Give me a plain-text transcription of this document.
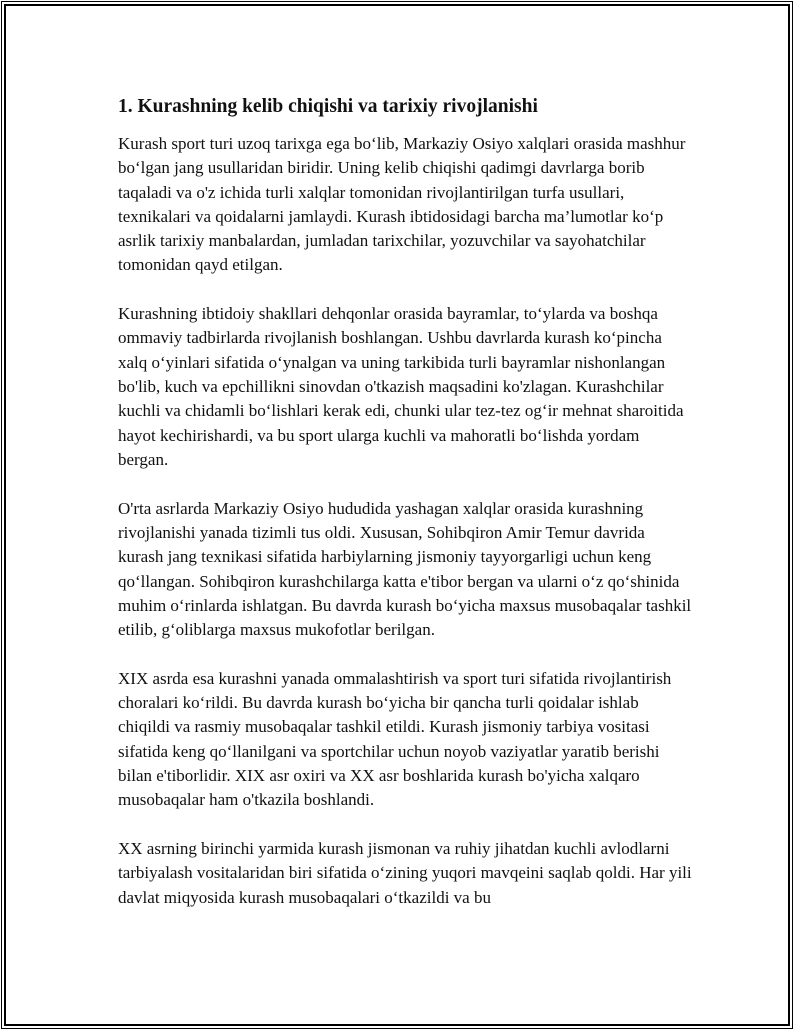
1. Kurashning kelib chiqishi va tarixiy rivojlanishi

Kurash sport turi uzoq tarixga ega bo‘lib, Markaziy Osiyo xalqlari orasida mashhur bo‘lgan jang usullaridan biridir. Uning kelib chiqishi qadimgi davrlarga borib taqaladi va o'z ichida turli xalqlar tomonidan rivojlantirilgan turfa usullari, texnikalari va qoidalarni jamlaydi. Kurash ibtidosidagi barcha ma’lumotlar ko‘p asrlik tarixiy manbalardan, jumladan tarixchilar, yozuvchilar va sayohatchilar tomonidan qayd etilgan.

Kurashning ibtidoiy shakllari dehqonlar orasida bayramlar, to‘ylarda va boshqa ommaviy tadbirlarda rivojlanish boshlangan. Ushbu davrlarda kurash ko‘pincha xalq o‘yinlari sifatida o‘ynalgan va uning tarkibida turli bayramlar nishonlangan bo'lib, kuch va epchillikni sinovdan o'tkazish maqsadini ko'zlagan. Kurashchilar kuchli va chidamli bo‘lishlari kerak edi, chunki ular tez-tez og‘ir mehnat sharoitida hayot kechirishardi, va bu sport ularga kuchli va mahoratli bo‘lishda yordam bergan.

O'rta asrlarda Markaziy Osiyo hududida yashagan xalqlar orasida kurashning rivojlanishi yanada tizimli tus oldi. Xususan, Sohibqiron Amir Temur davrida kurash jang texnikasi sifatida harbiylarning jismoniy tayyorgarligi uchun keng qo‘llangan. Sohibqiron kurashchilarga katta e'tibor bergan va ularni o‘z qo‘shinida muhim o‘rinlarda ishlatgan. Bu davrda kurash bo‘yicha maxsus musobaqalar tashkil etilib, g‘oliblarga maxsus mukofotlar berilgan.

XIX asrda esa kurashni yanada ommalashtirish va sport turi sifatida rivojlantirish choralari ko‘rildi. Bu davrda kurash bo‘yicha bir qancha turli qoidalar ishlab chiqildi va rasmiy musobaqalar tashkil etildi. Kurash jismoniy tarbiya vositasi sifatida keng qo‘llanilgani va sportchilar uchun noyob vaziyatlar yaratib berishi bilan e'tiborlidir. XIX asr oxiri va XX asr boshlarida kurash bo'yicha xalqaro musobaqalar ham o'tkazila boshlandi.

XX asrning birinchi yarmida kurash jismonan va ruhiy jihatdan kuchli avlodlarni tarbiyalash vositalaridan biri sifatida o‘zining yuqori mavqeini saqlab qoldi. Har yili davlat miqyosida kurash musobaqalari o‘tkazildi va bu
